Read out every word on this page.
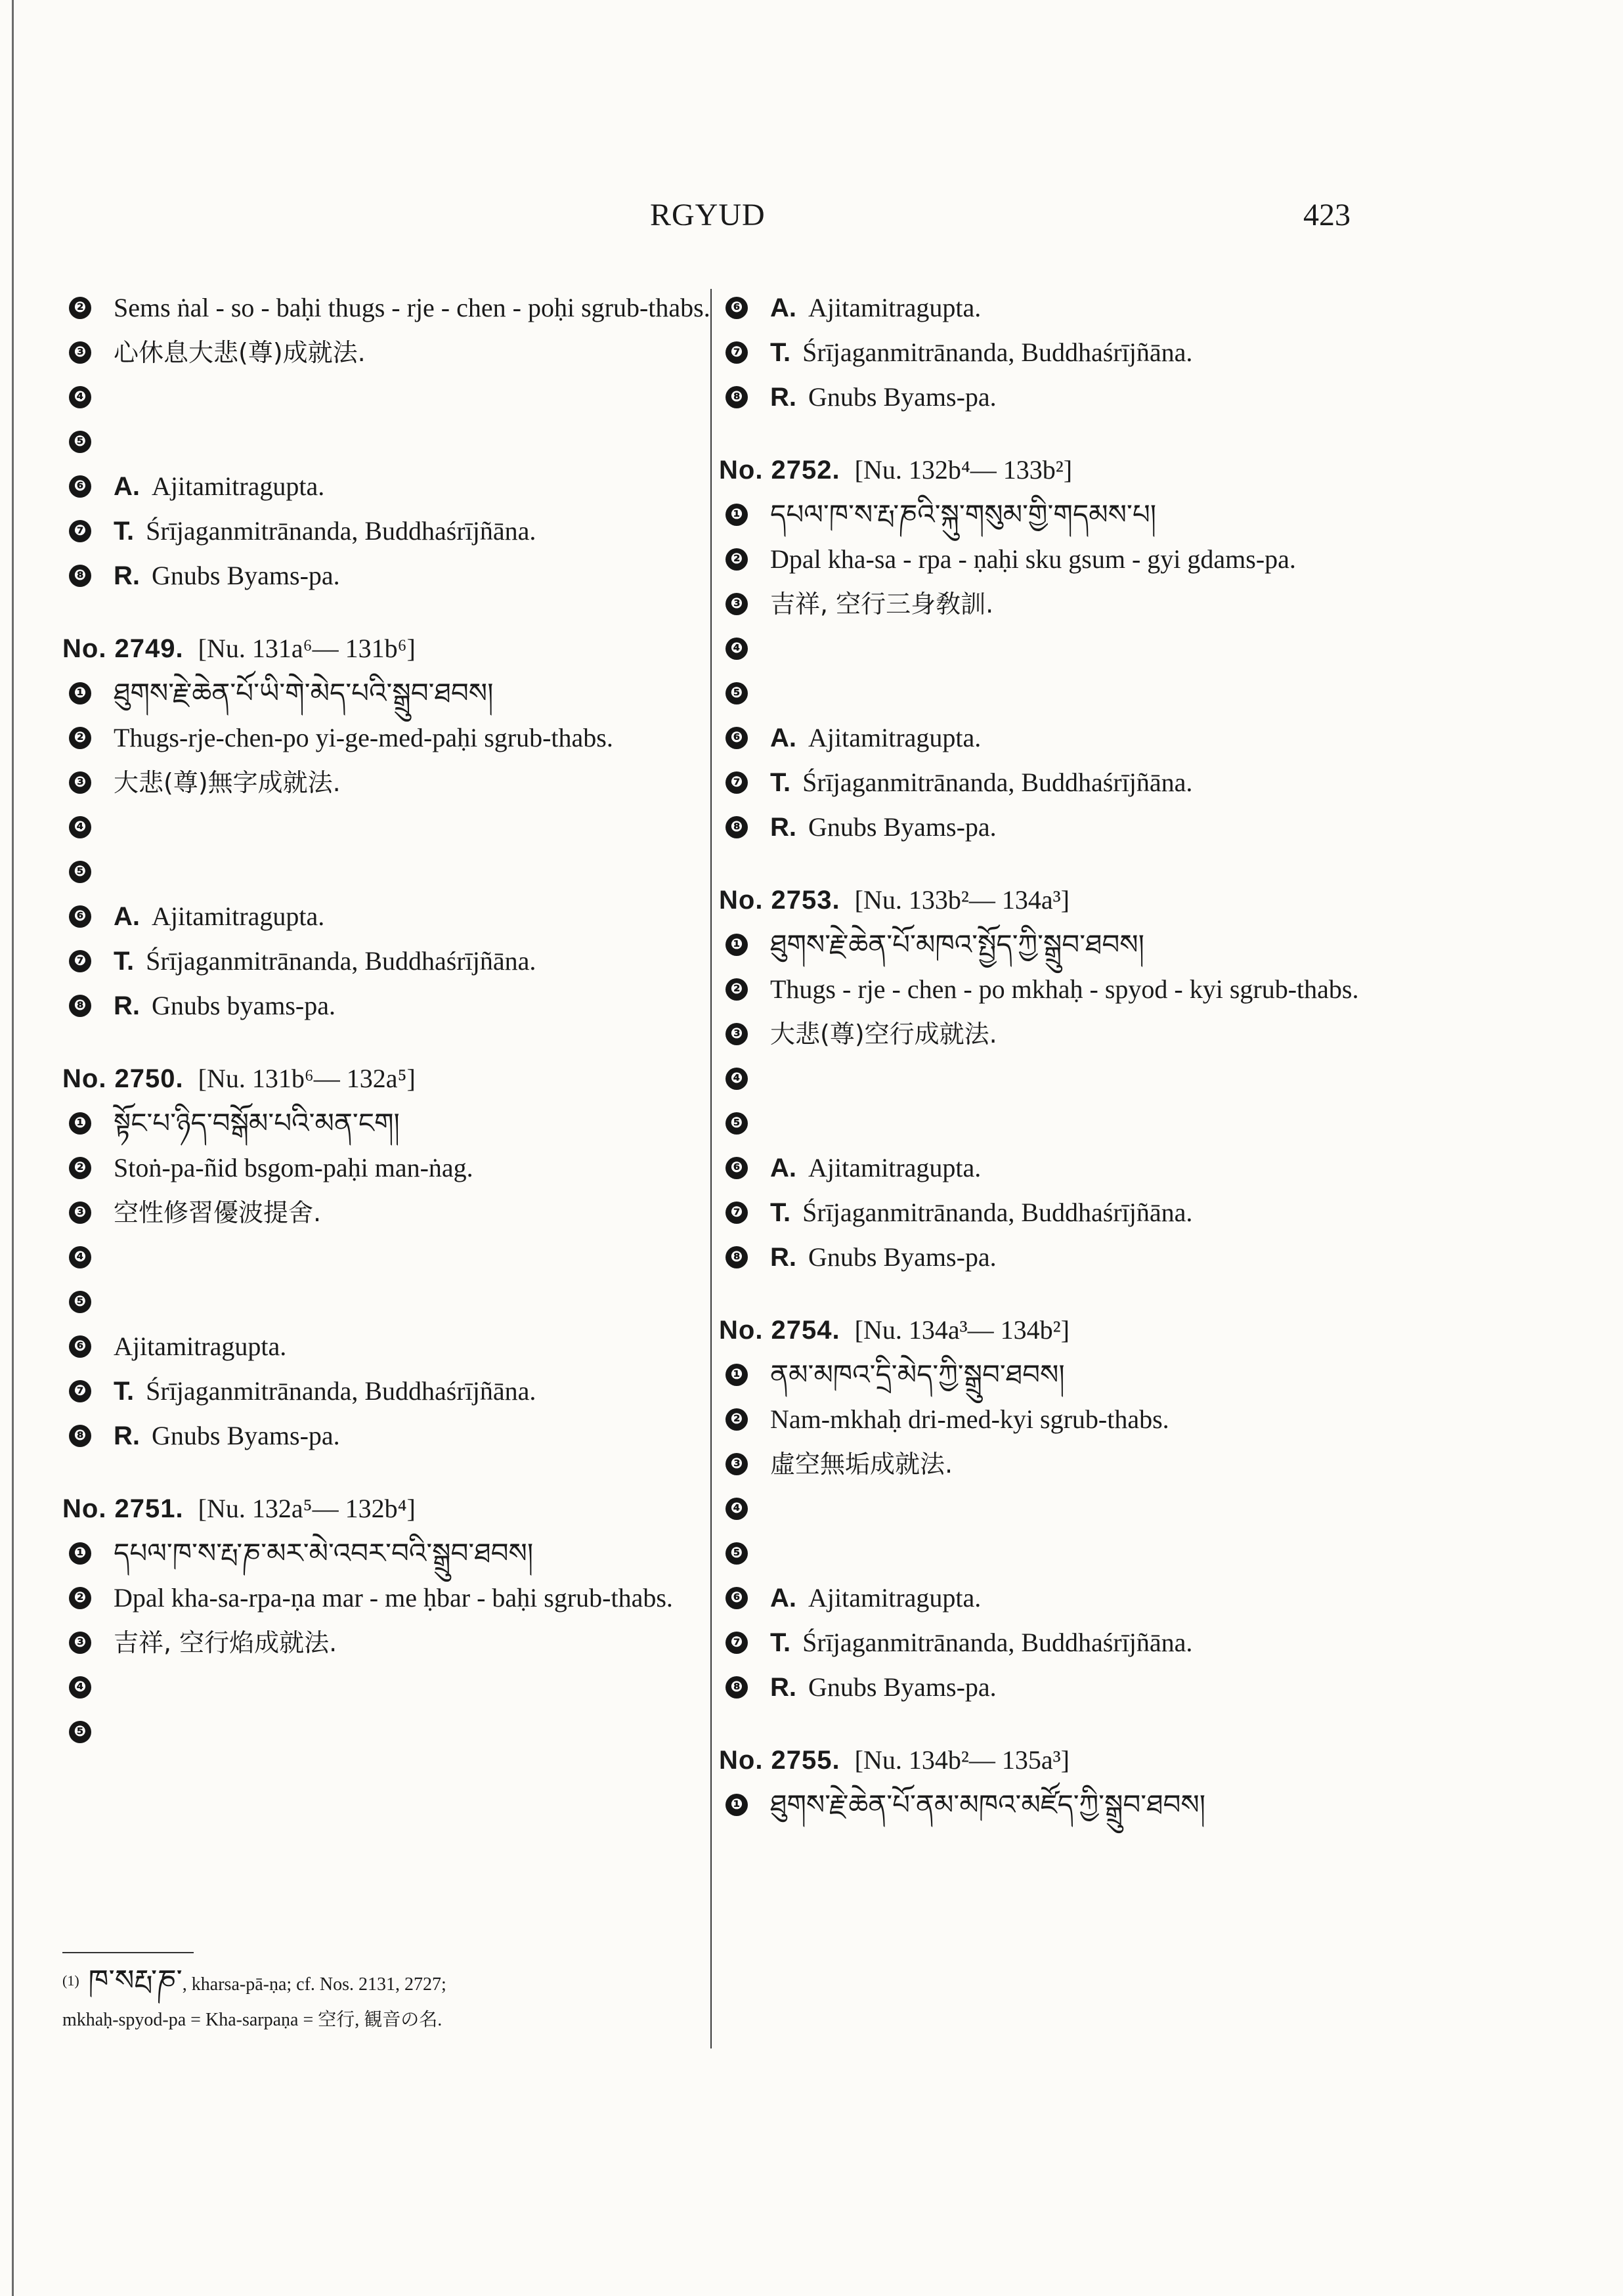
RGYUD	423
❷ Sems ṅal - so - baḥi thugs - rje - chen - poḥi sgrub-thabs.
❸ 心休息大悲(尊)成就法.
❹
❺
❻ A. Ajitamitragupta.
❼ T. Śrījaganmitrānanda, Buddhaśrījñāna.
❽ R. Gnubs Byams-pa.
No. 2749. [Nu. 131a⁶— 131b⁶]
❶ ཐུགས་རྗེ་ཆེན་པོ་ཡི་གེ་མེད་པའི་སྒྲུབ་ཐབས།
❷ Thugs-rje-chen-po yi-ge-med-paḥi sgrub-thabs.
❸ 大悲(尊)無字成就法.
❹
❺
❻ A. Ajitamitragupta.
❼ T. Śrījaganmitrānanda, Buddhaśrījñāna.
❽ R. Gnubs byams-pa.
No. 2750. [Nu. 131b⁶— 132a⁵]
❶ སྟོང་པ་ཉིད་བསྒོམ་པའི་མན་ངག།
❷ Stoṅ-pa-ñid bsgom-paḥi man-ṅag.
❸ 空性修習優波提舍.
❹
❺
❻ Ajitamitragupta.
❼ T. Śrījaganmitrānanda, Buddhaśrījñāna.
❽ R. Gnubs Byams-pa.
No. 2751. [Nu. 132a⁵— 132b⁴]
❶ དཔལ་ཁ་ས་རྤ་ཎ་མར་མེ་འབར་བའི་སྒྲུབ་ཐབས།
❷ Dpal kha-sa-rpa-ṇa mar - me ḥbar - baḥi sgrub-thabs.
❸ 吉祥, 空行焰成就法.
❹
❺
❻ A. Ajitamitragupta.
❼ T. Śrījaganmitrānanda, Buddhaśrījñāna.
❽ R. Gnubs Byams-pa.
No. 2752. [Nu. 132b⁴— 133b²]
❶ དཔལ་ཁ་ས་རྤ་ཎའི་སྐུ་གསུམ་གྱི་གདམས་པ།
❷ Dpal kha-sa - rpa - ṇaḥi sku gsum - gyi gdams-pa.
❸ 吉祥, 空行三身敎訓.
❹
❺
❻ A. Ajitamitragupta.
❼ T. Śrījaganmitrānanda, Buddhaśrījñāna.
❽ R. Gnubs Byams-pa.
No. 2753. [Nu. 133b²— 134a³]
❶ ཐུགས་རྗེ་ཆེན་པོ་མཁའ་སྤྱོད་ཀྱི་སྒྲུབ་ཐབས།
❷ Thugs - rje - chen - po mkhaḥ - spyod - kyi sgrub-thabs.
❸ 大悲(尊)空行成就法.
❹
❺
❻ A. Ajitamitragupta.
❼ T. Śrījaganmitrānanda, Buddhaśrījñāna.
❽ R. Gnubs Byams-pa.
No. 2754. [Nu. 134a³— 134b²]
❶ ནམ་མཁའ་དྲི་མེད་ཀྱི་སྒྲུབ་ཐབས།
❷ Nam-mkhaḥ dri-med-kyi sgrub-thabs.
❸ 虛空無垢成就法.
❹
❺
❻ A. Ajitamitragupta.
❼ T. Śrījaganmitrānanda, Buddhaśrījñāna.
❽ R. Gnubs Byams-pa.
No. 2755. [Nu. 134b²— 135a³]
❶ ཐུགས་རྗེ་ཆེན་པོ་ནམ་མཁའ་མཛོད་ཀྱི་སྒྲུབ་ཐབས།
$^{(1)}$ ཁ་སརྤ་ཎ་, kharsa-pā-ṇa; cf. Nos. 2131, 2727;
mkhaḥ-spyod-pa = Kha-sarpaṇa = 空行, 観音の名.
